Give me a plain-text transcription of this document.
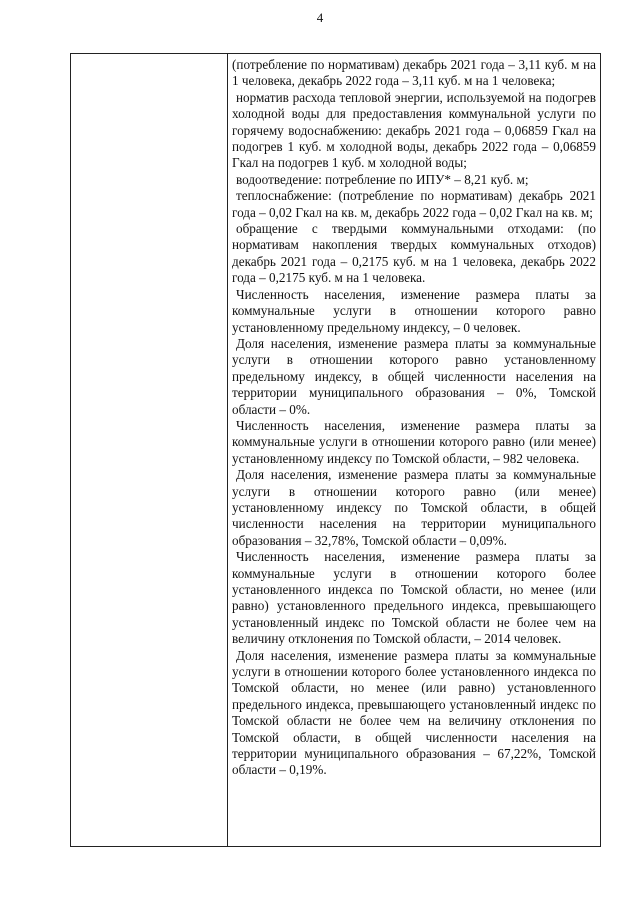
4

(потребление по нормативам) декабрь 2021 года – 3,11 куб. м на 1 человека, декабрь 2022 года – 3,11 куб. м на 1 человека;

норматив расхода тепловой энергии, используемой на подогрев холодной воды для предоставления коммунальной услуги по горячему водоснабжению: декабрь 2021 года – 0,06859 Гкал на подогрев 1 куб. м холодной воды, декабрь 2022 года – 0,06859 Гкал на подогрев 1 куб. м холодной воды;

водоотведение: потребление по ИПУ* – 8,21 куб. м;

теплоснабжение: (потребление по нормативам) декабрь 2021 года – 0,02 Гкал на кв. м, декабрь 2022 года – 0,02 Гкал на кв. м;

обращение с твердыми коммунальными отходами: (по нормативам накопления твердых коммунальных отходов) декабрь 2021 года – 0,2175 куб. м на 1 человека, декабрь 2022 года – 0,2175 куб. м на 1 человека.

Численность населения, изменение размера платы за коммунальные услуги в отношении которого равно установленному предельному индексу, – 0 человек.

Доля населения, изменение размера платы за коммунальные услуги в отношении которого равно установленному предельному индексу, в общей численности населения на территории муниципального образования – 0%, Томской области – 0%.

Численность населения, изменение размера платы за коммунальные услуги в отношении которого равно (или менее) установленному индексу по Томской области, – 982 человека.

Доля населения, изменение размера платы за коммунальные услуги в отношении которого равно (или менее) установленному индексу по Томской области, в общей численности населения на территории муниципального образования – 32,78%, Томской области – 0,09%.

Численность населения, изменение размера платы за коммунальные услуги в отношении которого более установленного индекса по Томской области, но менее (или равно) установленного предельного индекса, превышающего установленный индекс по Томской области не более чем на величину отклонения по Томской области, – 2014 человек.

Доля населения, изменение размера платы за коммунальные услуги в отношении которого более установленного индекса по Томской области, но менее (или равно) установленного предельного индекса, превышающего установленный индекс по Томской области не более чем на величину отклонения по Томской области, в общей численности населения на территории муниципального образования – 67,22%, Томской области – 0,19%.
